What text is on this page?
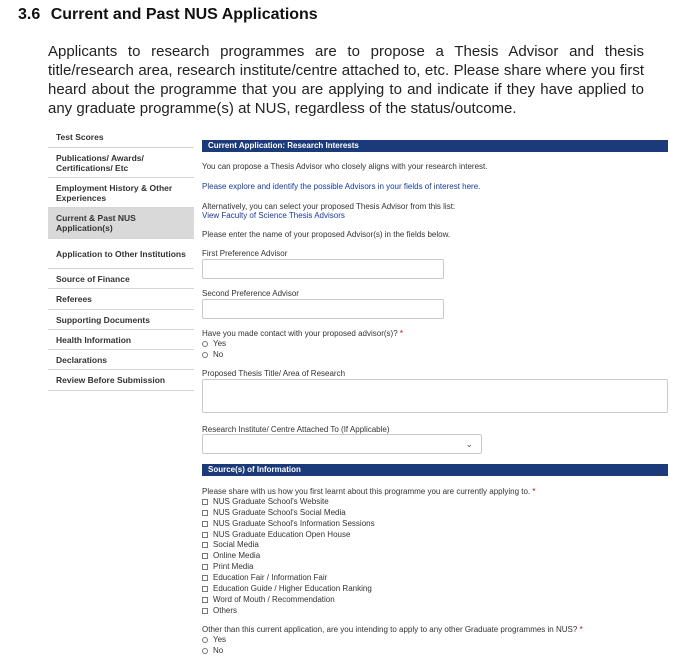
3.6 Current and Past NUS Applications
Applicants to research programmes are to propose a Thesis Advisor and thesis title/research area, research institute/centre attached to, etc. Please share where you first heard about the programme that you are applying to and indicate if they have applied to any graduate programme(s) at NUS, regardless of the status/outcome.
Test Scores
Publications/ Awards/ Certifications/ Etc
Employment History & Other Experiences
Current & Past NUS Application(s)
Application to Other Institutions
Source of Finance
Referees
Supporting Documents
Health Information
Declarations
Review Before Submission
Current Application: Research Interests
You can propose a Thesis Advisor who closely aligns with your research interest.
Please explore and identify the possible Advisors in your fields of interest here.
Alternatively, you can select your proposed Thesis Advisor from this list:
View Faculty of Science Thesis Advisors
Please enter the name of your proposed Advisor(s) in the fields below.
First Preference Advisor
Second Preference Advisor
Have you made contact with your proposed advisor(s)? *
Yes
No
Proposed Thesis Title/ Area of Research
Research Institute/ Centre Attached To (If Applicable)
⌄
Source(s) of Information
Please share with us how you first learnt about this programme you are currently applying to. *
NUS Graduate School's Website
NUS Graduate School's Social Media
NUS Graduate School's Information Sessions
NUS Graduate Education Open House
Social Media
Online Media
Print Media
Education Fair / Information Fair
Education Guide / Higher Education Ranking
Word of Mouth / Recommendation
Others
Other than this current application, are you intending to apply to any other Graduate programmes in NUS? *
Yes
No
